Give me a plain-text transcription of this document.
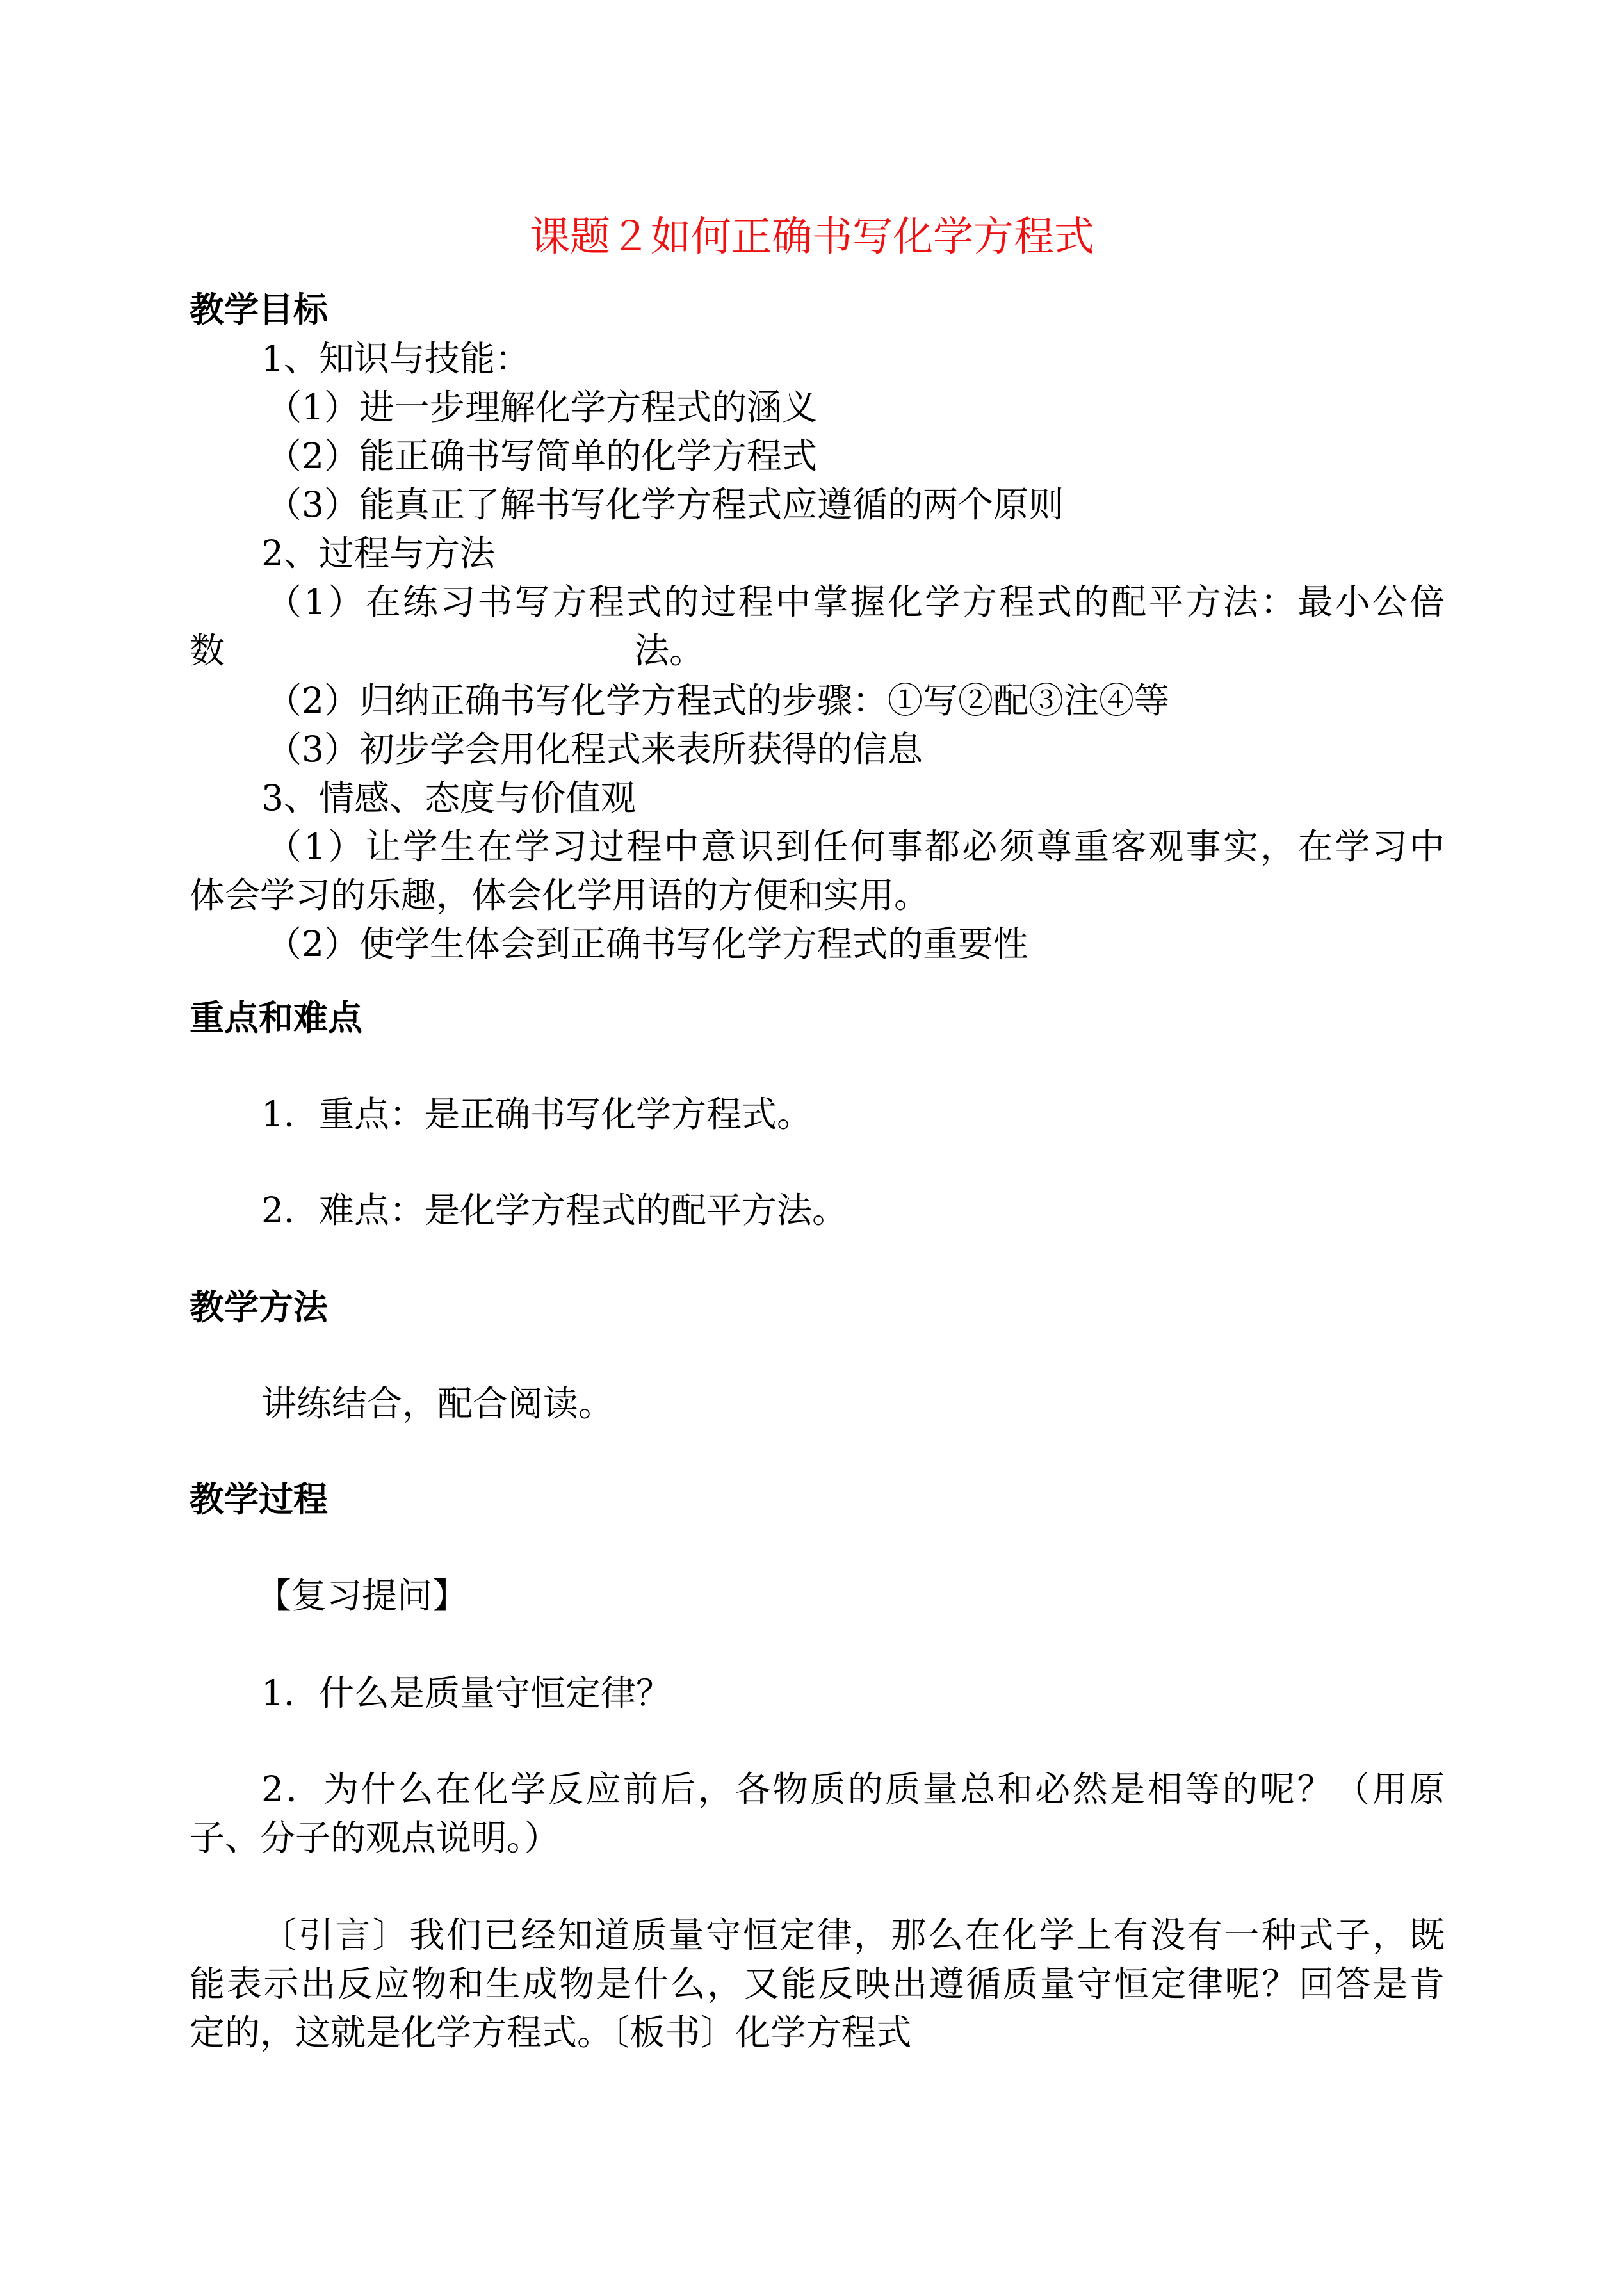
课题２如何正确书写化学方程式
教学目标
1、知识与技能：
（1）进一步理解化学方程式的涵义
（2）能正确书写简单的化学方程式
（3）能真正了解书写化学方程式应遵循的两个原则
2、过程与方法
（1）在练习书写方程式的过程中掌握化学方程式的配平方法：最小公倍
数	法。
（2）归纳正确书写化学方程式的步骤：①写②配③注④等
（3）初步学会用化程式来表所获得的信息
3、情感、态度与价值观
（1）让学生在学习过程中意识到任何事都必须尊重客观事实，在学习中
体会学习的乐趣，体会化学用语的方便和实用。
（2）使学生体会到正确书写化学方程式的重要性
重点和难点
1．重点：是正确书写化学方程式。
2．难点：是化学方程式的配平方法。
教学方法
讲练结合，配合阅读。
教学过程
【复习提问】
1．什么是质量守恒定律？
2．为什么在化学反应前后，各物质的质量总和必然是相等的呢？（用原
子、分子的观点说明。）
〔引言〕我们已经知道质量守恒定律，那么在化学上有没有一种式子，既
能表示出反应物和生成物是什么，又能反映出遵循质量守恒定律呢？回答是肯
定的，这就是化学方程式。〔板书〕化学方程式
